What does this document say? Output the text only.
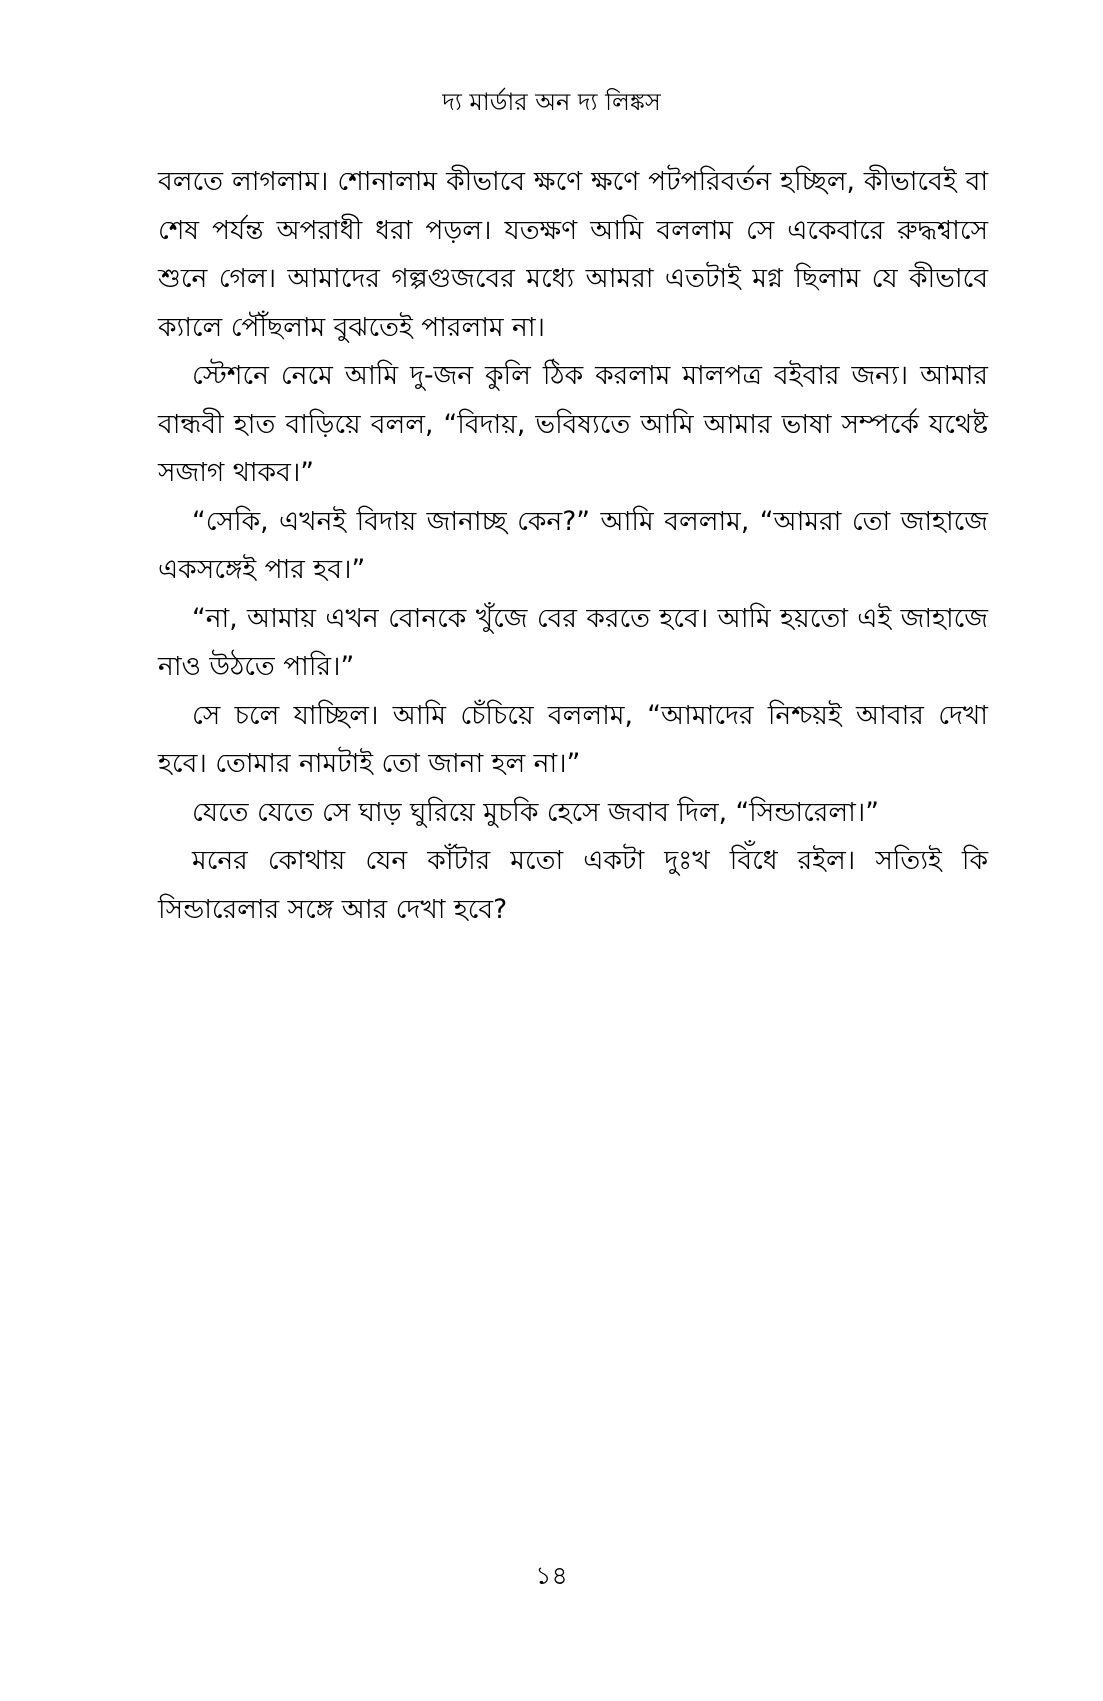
দ্য মার্ডার অন দ্য লিঙ্কস

বলতে লাগলাম। শোনালাম কীভাবে ক্ষণে ক্ষণে পটপরিবর্তন হচ্ছিল, কীভাবেই বা শেষ পর্যন্ত অপরাধী ধরা পড়ল। যতক্ষণ আমি বললাম সে একেবারে রুদ্ধশ্বাসে শুনে গেল। আমাদের গল্পগুজবের মধ্যে আমরা এতটাই মগ্ন ছিলাম যে কীভাবে ক্যালে পৌঁছলাম বুঝতেই পারলাম না।

স্টেশনে নেমে আমি দু-জন কুলি ঠিক করলাম মালপত্র বইবার জন্য। আমার বান্ধবী হাত বাড়িয়ে বলল, “বিদায়, ভবিষ্যতে আমি আমার ভাষা সম্পর্কে যথেষ্ট সজাগ থাকব।”

“সেকি, এখনই বিদায় জানাচ্ছ কেন?” আমি বললাম, “আমরা তো জাহাজে একসঙ্গেই পার হব।”

“না, আমায় এখন বোনকে খুঁজে বের করতে হবে। আমি হয়তো এই জাহাজে নাও উঠতে পারি।”

সে চলে যাচ্ছিল। আমি চেঁচিয়ে বললাম, “আমাদের নিশ্চয়ই আবার দেখা হবে। তোমার নামটাই তো জানা হল না।”

যেতে যেতে সে ঘাড় ঘুরিয়ে মুচকি হেসে জবাব দিল, “সিন্ডারেলা।”

মনের কোথায় যেন কাঁটার মতো একটা দুঃখ বিঁধে রইল। সত্যিই কি সিন্ডারেলার সঙ্গে আর দেখা হবে?

১৪
